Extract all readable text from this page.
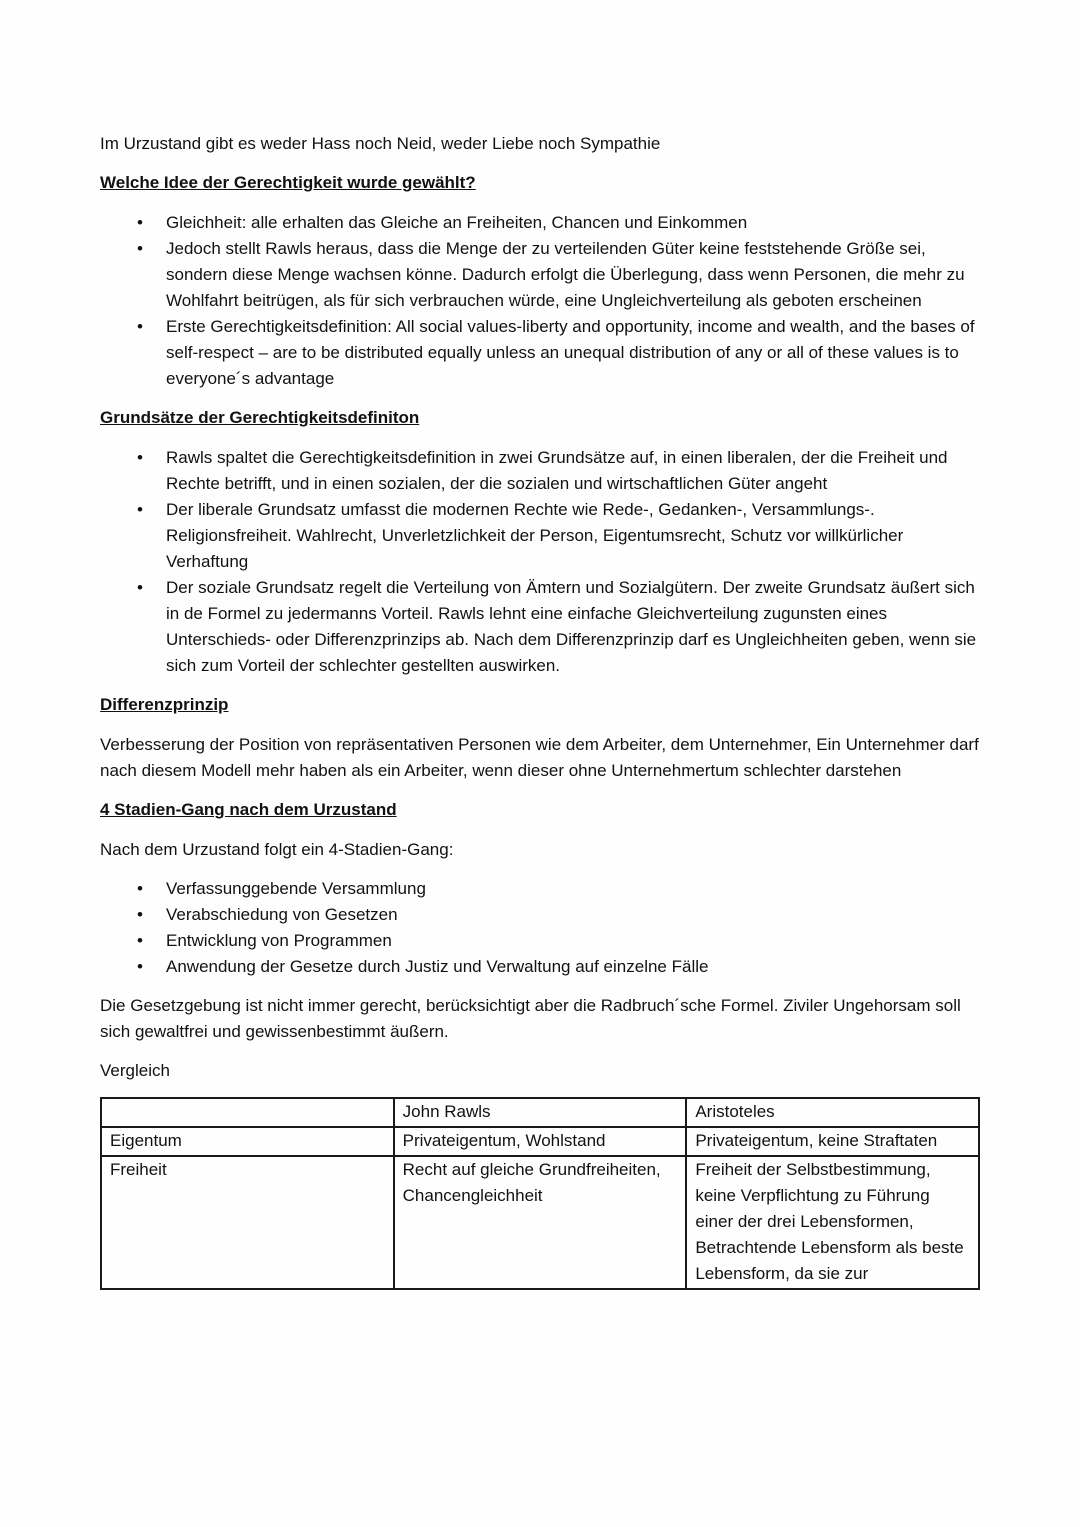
Im Urzustand gibt es weder Hass noch Neid, weder Liebe noch Sympathie

Welche Idee der Gerechtigkeit wurde gewählt?

• Gleichheit: alle erhalten das Gleiche an Freiheiten, Chancen und Einkommen
• Jedoch stellt Rawls heraus, dass die Menge der zu verteilenden Güter keine feststehende Größe sei, sondern diese Menge wachsen könne. Dadurch erfolgt die Überlegung, dass wenn Personen, die mehr zu Wohlfahrt beitrügen, als für sich verbrauchen würde, eine Ungleichverteilung als geboten erscheinen
• Erste Gerechtigkeitsdefinition: All social values-liberty and opportunity, income and wealth, and the bases of self-respect – are to be distributed equally unless an unequal distribution of any or all of these values is to everyone´s advantage

Grundsätze der Gerechtigkeitsdefiniton

• Rawls spaltet die Gerechtigkeitsdefinition in zwei Grundsätze auf, in einen liberalen, der die Freiheit und Rechte betrifft, und in einen sozialen, der die sozialen und wirtschaftlichen Güter angeht
• Der liberale Grundsatz umfasst die modernen Rechte wie Rede-, Gedanken-, Versammlungs-. Religionsfreiheit. Wahlrecht, Unverletzlichkeit der Person, Eigentumsrecht, Schutz vor willkürlicher Verhaftung
• Der soziale Grundsatz regelt die Verteilung von Ämtern und Sozialgütern. Der zweite Grundsatz äußert sich in de Formel zu jedermanns Vorteil. Rawls lehnt eine einfache Gleichverteilung zugunsten eines Unterschieds- oder Differenzprinzips ab. Nach dem Differenzprinzip darf es Ungleichheiten geben, wenn sie sich zum Vorteil der schlechter gestellten auswirken.

Differenzprinzip

Verbesserung der Position von repräsentativen Personen wie dem Arbeiter, dem Unternehmer, Ein Unternehmer darf nach diesem Modell mehr haben als ein Arbeiter, wenn dieser ohne Unternehmertum schlechter darstehen

4 Stadien-Gang nach dem Urzustand

Nach dem Urzustand folgt ein 4-Stadien-Gang:

• Verfassunggebende Versammlung
• Verabschiedung von Gesetzen
• Entwicklung von Programmen
• Anwendung der Gesetze durch Justiz und Verwaltung auf einzelne Fälle

Die Gesetzgebung ist nicht immer gerecht, berücksichtigt aber die Radbruch´sche Formel. Ziviler Ungehorsam soll sich gewaltfrei und gewissenbestimmt äußern.

Vergleich

	John Rawls	Aristoteles
Eigentum	Privateigentum, Wohlstand	Privateigentum, keine Straftaten
Freiheit	Recht auf gleiche Grundfreiheiten, Chancengleichheit	Freiheit der Selbstbestimmung, keine Verpflichtung zu Führung einer der drei Lebensformen, Betrachtende Lebensform als beste Lebensform, da sie zur
